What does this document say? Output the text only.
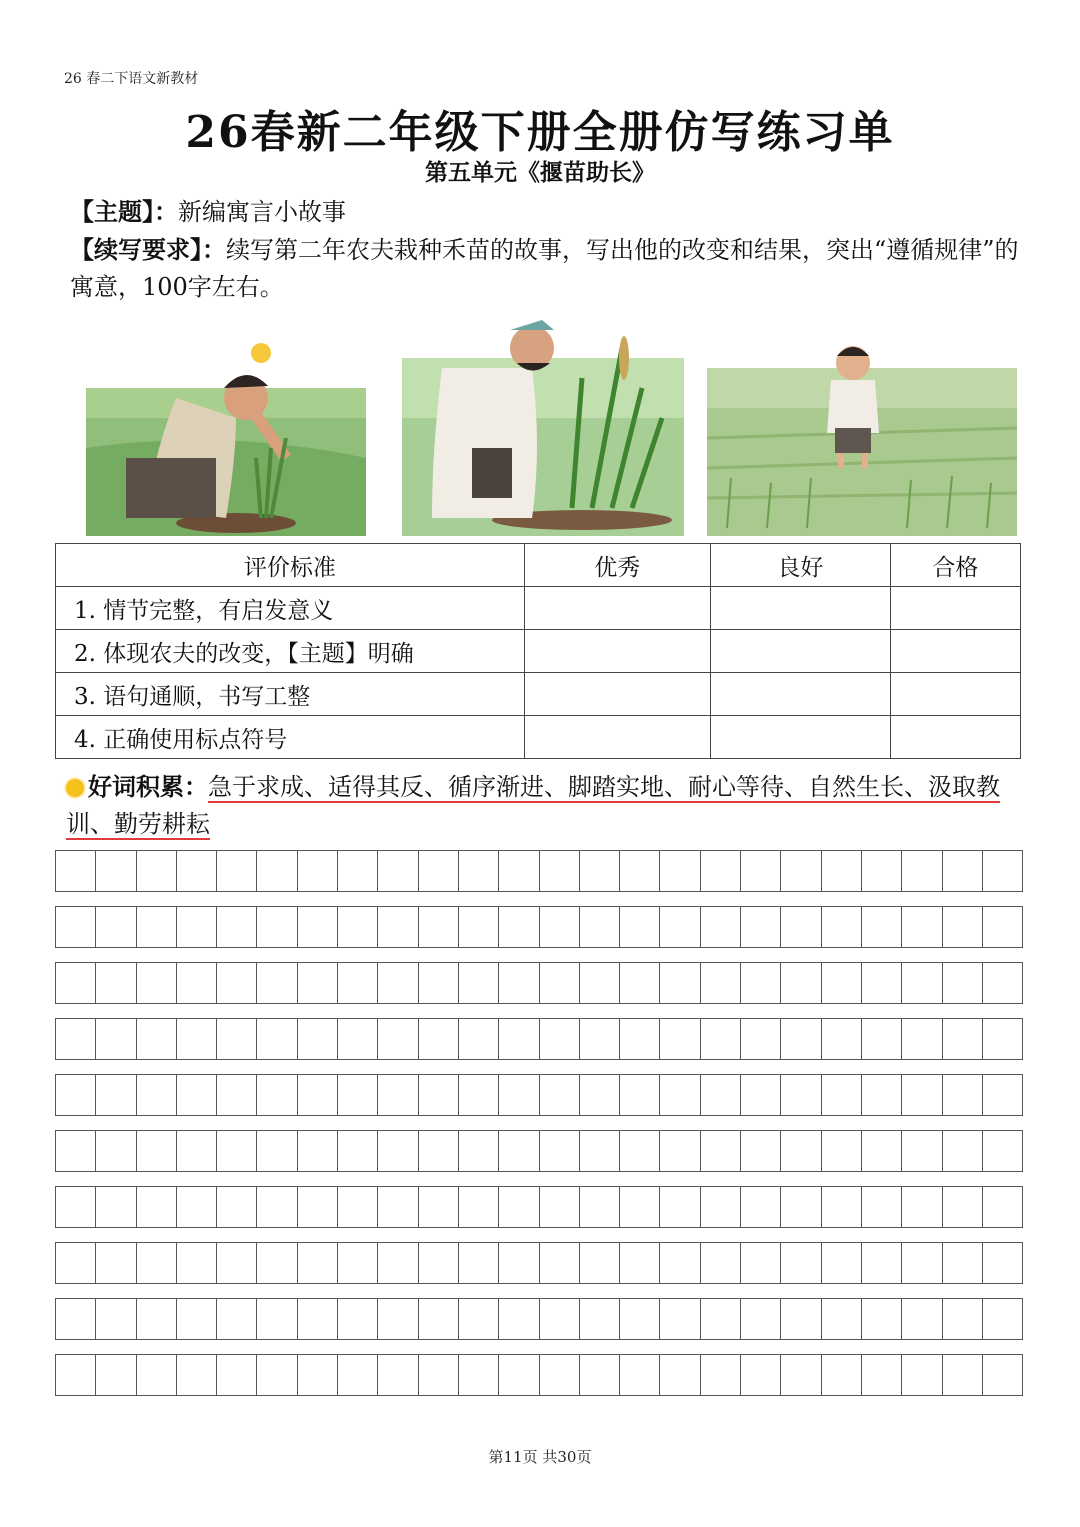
26 春二下语文新教材
26春新二年级下册全册仿写练习单
第五单元《揠苗助长》
【主题】：新编寓言小故事
【续写要求】：续写第二年农夫栽种禾苗的故事，写出他的改变和结果，突出“遵循规律”的寓意，100字左右。
评价标准	优秀	良好	合格
1. 情节完整，有启发意义			
2. 体现农夫的改变，【主题】明确			
3. 语句通顺，书写工整			
4. 正确使用标点符号			
好词积累：急于求成、适得其反、循序渐进、脚踏实地、耐心等待、自然生长、汲取教训、勤劳耕耘
第11页 共30页
